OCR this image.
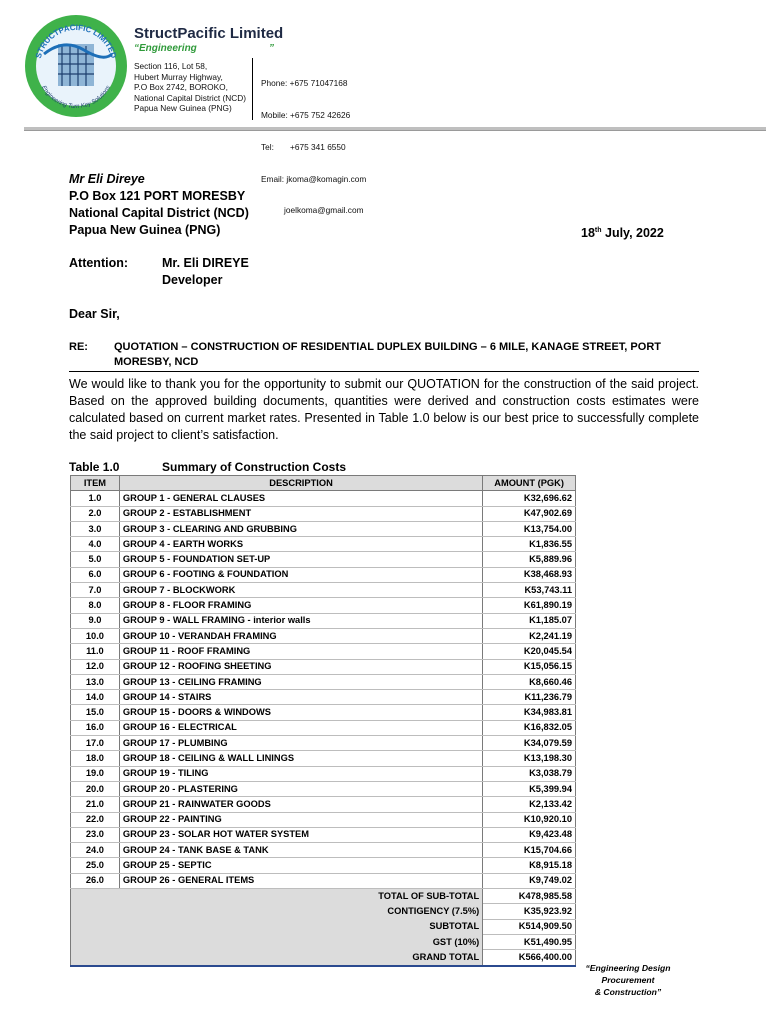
STRUCTPACIFIC LIMITED
Engineering Turn Key Solutions
StructPacific Limited
“Engineering                          ”
Section 116, Lot 58,
Hubert Murray Highway,
P.O Box 2742, BOROKO,
National Capital District (NCD)
Papua New Guinea (PNG)

Phone: +675 71047168

Mobile: +675 752 42626

Tel:       +675 341 6550

Email: jkoma@komagin.com

joelkoma@gmail.com

Mr Eli Direye
P.O Box 121 PORT MORESBY
National Capital District (NCD)
Papua New Guinea (PNG)	18th July, 2022
Attention:	Mr. Eli DIREYE
Developer
Dear Sir,
RE: QUOTATION – CONSTRUCTION OF RESIDENTIAL DUPLEX BUILDING – 6 MILE, KANAGE STREET, PORT MORESBY, NCD
We would like to thank you for the opportunity to submit our QUOTATION for the construction of the said project. Based on the approved building documents, quantities were derived and construction costs estimates were calculated based on current market rates. Presented in Table 1.0 below is our best price to successfully complete the said project to client’s satisfaction.
Table 1.0	Summary of Construction Costs
ITEM	DESCRIPTION	AMOUNT (PGK)
1.0	GROUP 1 - GENERAL CLAUSES	K32,696.62
2.0	GROUP 2 - ESTABLISHMENT	K47,902.69
3.0	GROUP 3 - CLEARING AND GRUBBING	K13,754.00
4.0	GROUP 4 - EARTH WORKS	K1,836.55
5.0	GROUP 5 - FOUNDATION SET-UP	K5,889.96
6.0	GROUP 6 - FOOTING & FOUNDATION	K38,468.93
7.0	GROUP 7 - BLOCKWORK	K53,743.11
8.0	GROUP 8 - FLOOR FRAMING	K61,890.19
9.0	GROUP 9 - WALL FRAMING - interior walls	K1,185.07
10.0	GROUP 10 - VERANDAH FRAMING	K2,241.19
11.0	GROUP 11 - ROOF FRAMING	K20,045.54
12.0	GROUP 12 - ROOFING SHEETING	K15,056.15
13.0	GROUP 13 - CEILING FRAMING	K8,660.46
14.0	GROUP 14 - STAIRS	K11,236.79
15.0	GROUP 15 - DOORS & WINDOWS	K34,983.81
16.0	GROUP 16 - ELECTRICAL	K16,832.05
17.0	GROUP 17 - PLUMBING	K34,079.59
18.0	GROUP 18 - CEILING & WALL LININGS	K13,198.30
19.0	GROUP 19 - TILING	K3,038.79
20.0	GROUP 20 - PLASTERING	K5,399.94
21.0	GROUP 21 - RAINWATER GOODS	K2,133.42
22.0	GROUP 22 - PAINTING	K10,920.10
23.0	GROUP 23 - SOLAR HOT WATER SYSTEM	K9,423.48
24.0	GROUP 24 - TANK BASE & TANK	K15,704.66
25.0	GROUP 25 - SEPTIC	K8,915.18
26.0	GROUP 26 - GENERAL ITEMS	K9,749.02
TOTAL OF SUB-TOTAL		K478,985.58
CONTIGENCY (7.5%)		K35,923.92
SUBTOTAL		K514,909.50
GST (10%)		K51,490.95
GRAND TOTAL		K566,400.00
“Engineering Design
Procurement
& Construction”
